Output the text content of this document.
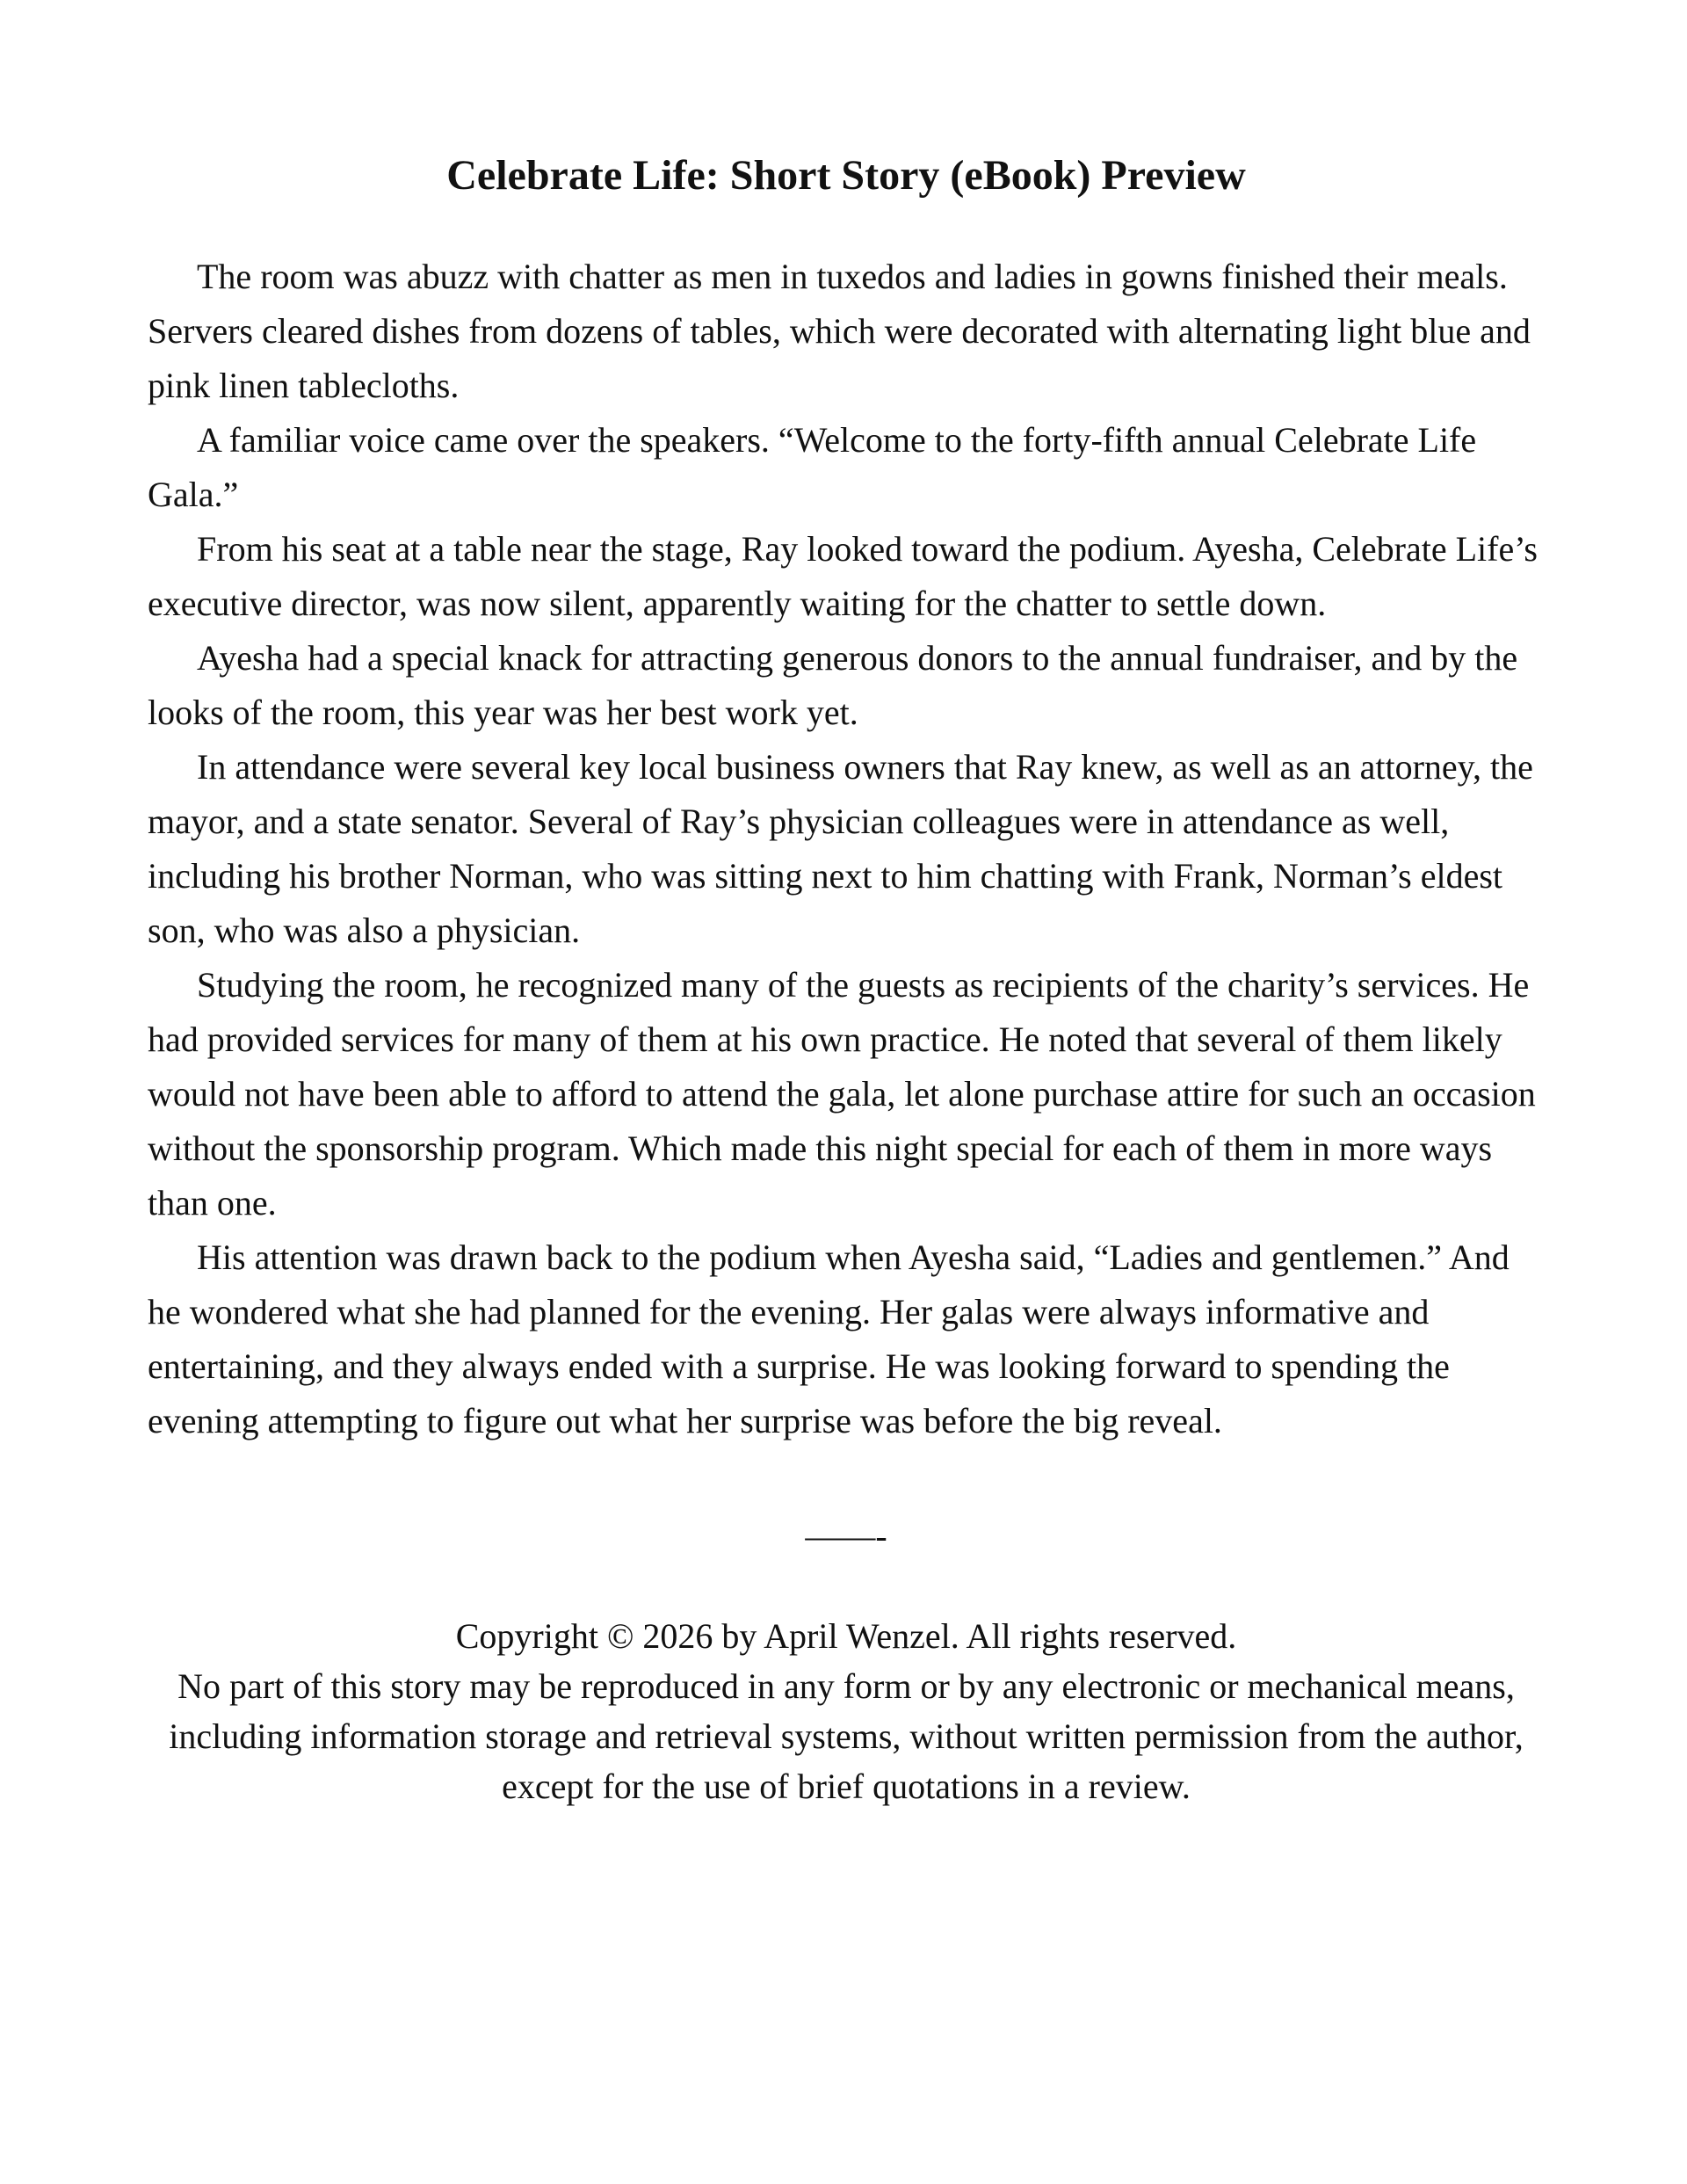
Celebrate Life: Short Story (eBook) Preview

The room was abuzz with chatter as men in tuxedos and ladies in gowns finished their meals. Servers cleared dishes from dozens of tables, which were decorated with alternating light blue and pink linen tablecloths.

A familiar voice came over the speakers. “Welcome to the forty-fifth annual Celebrate Life Gala.”

From his seat at a table near the stage, Ray looked toward the podium. Ayesha, Celebrate Life’s executive director, was now silent, apparently waiting for the chatter to settle down.

Ayesha had a special knack for attracting generous donors to the annual fundraiser, and by the looks of the room, this year was her best work yet.

In attendance were several key local business owners that Ray knew, as well as an attorney, the mayor, and a state senator. Several of Ray’s physician colleagues were in attendance as well, including his brother Norman, who was sitting next to him chatting with Frank, Norman’s eldest son, who was also a physician.

Studying the room, he recognized many of the guests as recipients of the charity’s services. He had provided services for many of them at his own practice. He noted that several of them likely would not have been able to afford to attend the gala, let alone purchase attire for such an occasion without the sponsorship program. Which made this night special for each of them in more ways than one.

His attention was drawn back to the podium when Ayesha said, “Ladies and gentlemen.” And he wondered what she had planned for the evening. Her galas were always informative and entertaining, and they always ended with a surprise. He was looking forward to spending the evening attempting to figure out what her surprise was before the big reveal.

——-
Copyright © 2026 by April Wenzel. All rights reserved.
No part of this story may be reproduced in any form or by any electronic or mechanical means, including information storage and retrieval systems, without written permission from the author, except for the use of brief quotations in a review.
